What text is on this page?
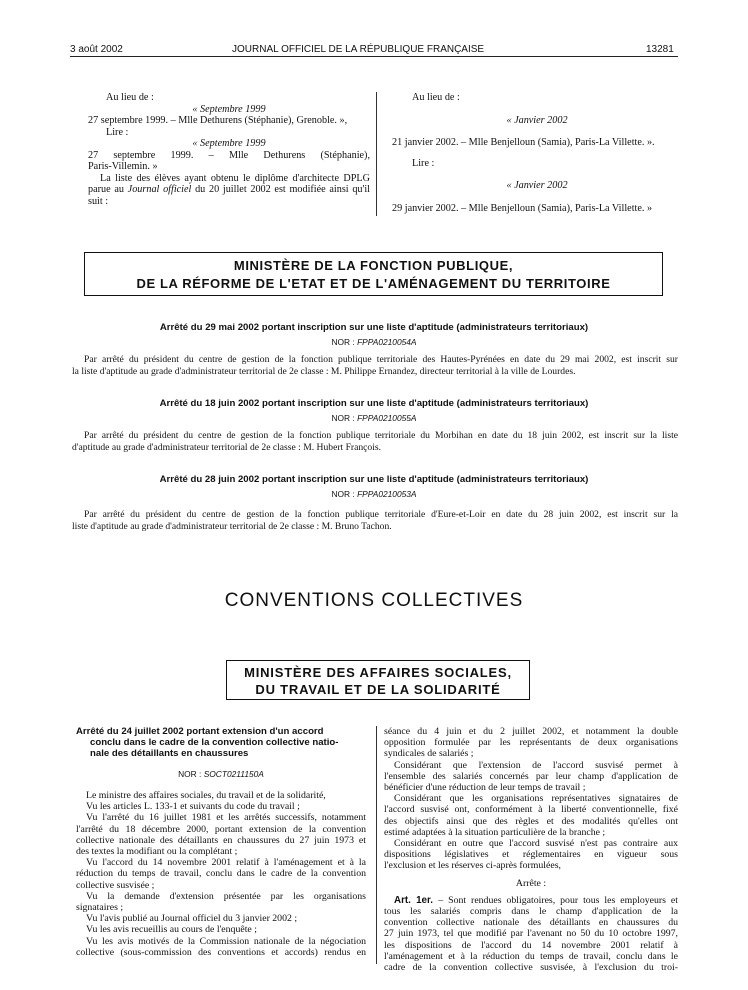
3 août 2002	JOURNAL OFFICIEL DE LA RÉPUBLIQUE FRANÇAISE	13281

Au lieu de :

« Septembre 1999

27 septembre 1999. – Mlle Dethurens (Stéphanie), Grenoble. »,

Lire :

« Septembre 1999

27 septembre 1999. – Mlle Dethurens (Stéphanie),

Paris-Villemin. »

La liste des élèves ayant obtenu le diplôme d'architecte DPLG

parue au Journal officiel du 20 juillet 2002 est modifiée ainsi qu'il

suit :

Au lieu de :

« Janvier 2002

21 janvier 2002. – Mlle Benjelloun (Samia), Paris-La Villette. ».

Lire :

« Janvier 2002

29 janvier 2002. – Mlle Benjelloun (Samia), Paris-La Villette. »

MINISTÈRE DE LA FONCTION PUBLIQUE,
DE LA RÉFORME DE L'ETAT ET DE L'AMÉNAGEMENT DU TERRITOIRE
Arrêté du 29 mai 2002 portant inscription sur une liste d'aptitude (administrateurs territoriaux)
NOR : FPPA0210054A

Par arrêté du président du centre de gestion de la fonction publique territoriale des Hautes-Pyrénées en date du 29 mai 2002, est inscrit sur

la liste d'aptitude au grade d'administrateur territorial de 2e classe : M. Philippe Ernandez, directeur territorial à la ville de Lourdes.

Arrêté du 18 juin 2002 portant inscription sur une liste d'aptitude (administrateurs territoriaux)
NOR : FPPA0210055A

Par arrêté du président du centre de gestion de la fonction publique territoriale du Morbihan en date du 18 juin 2002, est inscrit sur la liste

d'aptitude au grade d'administrateur territorial de 2e classe : M. Hubert François.

Arrêté du 28 juin 2002 portant inscription sur une liste d'aptitude (administrateurs territoriaux)
NOR : FPPA0210053A

Par arrêté du président du centre de gestion de la fonction publique territoriale d'Eure-et-Loir en date du 28 juin 2002, est inscrit sur la

liste d'aptitude au grade d'administrateur territorial de 2e classe : M. Bruno Tachon.

CONVENTIONS COLLECTIVES
MINISTÈRE DES AFFAIRES SOCIALES,
DU TRAVAIL ET DE LA SOLIDARITÉ
Arrêté du 24 juillet 2002 portant extension d'un accord
conclu dans le cadre de la convention collective natio-
nale des détaillants en chaussures
NOR : SOCT0211150A

Le ministre des affaires sociales, du travail et de la solidarité,

Vu les articles L. 133-1 et suivants du code du travail ;

Vu l'arrêté du 16 juillet 1981 et les arrêtés successifs, notamment

l'arrêté du 18 décembre 2000, portant extension de la convention

collective nationale des détaillants en chaussures du 27 juin 1973 et

des textes la modifiant ou la complétant ;

Vu l'accord du 14 novembre 2001 relatif à l'aménagement et à la

réduction du temps de travail, conclu dans le cadre de la convention

collective susvisée ;

Vu la demande d'extension présentée par les organisations

signataires ;

Vu l'avis publié au Journal officiel du 3 janvier 2002 ;

Vu les avis recueillis au cours de l'enquête ;

Vu les avis motivés de la Commission nationale de la négociation

collective (sous-commission des conventions et accords) rendus en

séance du 4 juin et du 2 juillet 2002, et notamment la double

opposition formulée par les représentants de deux organisations

syndicales de salariés ;

Considérant que l'extension de l'accord susvisé permet à

l'ensemble des salariés concernés par leur champ d'application de

bénéficier d'une réduction de leur temps de travail ;

Considérant que les organisations représentatives signataires de

l'accord susvisé ont, conformément à la liberté conventionnelle, fixé

des objectifs ainsi que des règles et des modalités qu'elles ont

estimé adaptées à la situation particulière de la branche ;

Considérant en outre que l'accord susvisé n'est pas contraire aux

dispositions législatives et réglementaires en vigueur sous

l'exclusion et les réserves ci-après formulées,

Arrête :

Art. 1er. – Sont rendues obligatoires, pour tous les employeurs et

tous les salariés compris dans le champ d'application de la

convention collective nationale des détaillants en chaussures du

27 juin 1973, tel que modifié par l'avenant no 50 du 10 octobre 1997,

les dispositions de l'accord du 14 novembre 2001 relatif à

l'aménagement et à la réduction du temps de travail, conclu dans le

cadre de la convention collective susvisée, à l'exclusion du troi-
